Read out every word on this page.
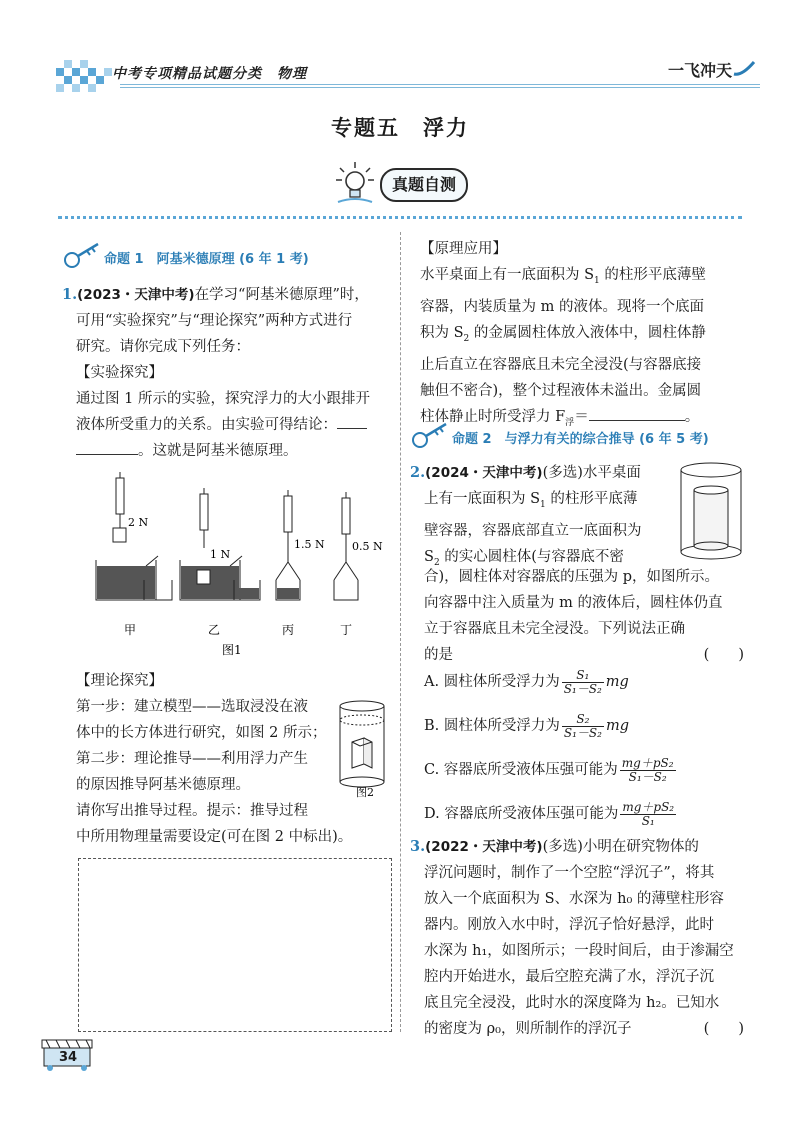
中考专项精品试题分类　物理	一飞冲天
专题五　浮力
真题自测
命题 1　阿基米德原理 (6 年 1 考)
1.(2023・天津中考)在学习“阿基米德原理”时，
可用“实验探究”与“理论探究”两种方式进行
研究。请你完成下列任务：
【实验探究】
通过图 1 所示的实验，探究浮力的大小跟排开
液体所受重力的关系。由实验可得结论：
。这就是阿基米德原理。
2 N
1 N
1.5 N 0.5 N
甲	乙	丙	丁
图1
【理论探究】
第一步：建立模型——选取浸没在液
体中的长方体进行研究，如图 2 所示；
第二步：理论推导——利用浮力产生
的原因推导阿基米德原理。
请你写出推导过程。提示：推导过程
中所用物理量需要设定(可在图 2 中标出)。
图2
【原理应用】
水平桌面上有一底面积为 $S_1$ 的柱形平底薄壁
容器，内装质量为 m 的液体。现将一个底面
积为 $S_2$ 的金属圆柱体放入液体中，圆柱体静
止后直立在容器底且未完全浸没(与容器底接
触但不密合)，整个过程液体未溢出。金属圆
柱体静止时所受浮力 $F_浮=$	。
命题 2　与浮力有关的综合推导 (6 年 5 考)
2.(2024・天津中考)(多选)水平桌面
上有一底面积为 $S_1$ 的柱形平底薄
壁容器，容器底部直立一底面积为
$S_2$ 的实心圆柱体(与容器底不密
合)，圆柱体对容器底的压强为 p，如图所示。
向容器中注入质量为 m 的液体后，圆柱体仍直
立于容器底且未完全浸没。下列说法正确
的是	(　　)
A. 圆柱体所受浮力为 $\frac{\text{S₁}}{\text{S₁－S₂}}$ mg
B. 圆柱体所受浮力为 $\frac{\text{S₂}}{\text{S₁－S₂}}$ mg
C. 容器底所受液体压强可能为 $\frac{\text{mg＋pS₂}}{\text{S₁－S₂}}$
D. 容器底所受液体压强可能为 $\frac{\text{mg＋pS₂}}{\text{S₁}}$
3.(2022・天津中考)(多选)小明在研究物体的
浮沉问题时，制作了一个空腔“浮沉子”，将其
放入一个底面积为 S、水深为 h₀ 的薄壁柱形容
器内。刚放入水中时，浮沉子恰好悬浮，此时
水深为 h₁，如图所示；一段时间后，由于渗漏空
腔内开始进水，最后空腔充满了水，浮沉子沉
底且完全浸没，此时水的深度降为 h₂。已知水
的密度为 ρ₀，则所制作的浮沉子	(　　)
34
